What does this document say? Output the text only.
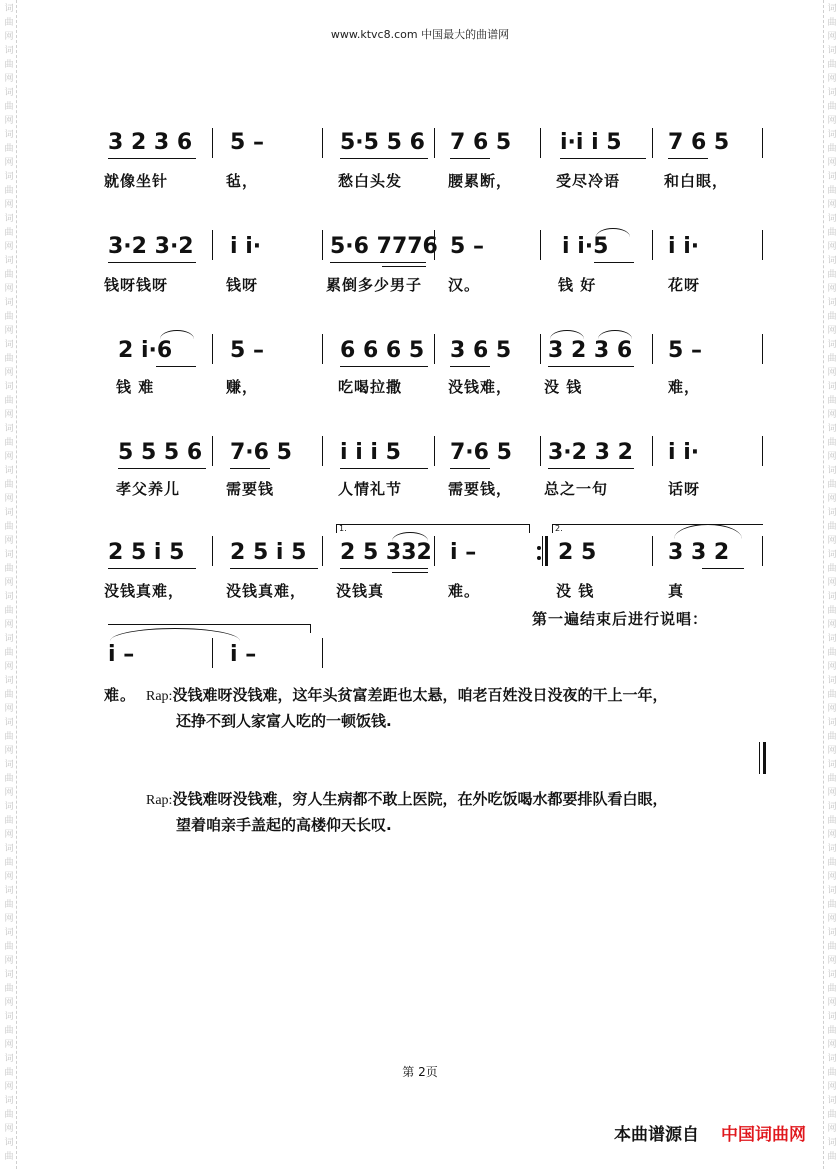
词	词
曲	曲
网	网
词	词
曲	曲
网	网
词	词
曲	曲
网	网
词	词
曲	曲
网	网
词	词
曲	曲
网	网
词	词
曲	曲
网	网
词	词
曲	曲
网	网
词	词
曲	曲
网	网
词	词
曲	曲
网	网
词	词
曲	曲
网	网
词	词
曲	曲
网	网
词	词
曲	曲
网	网
词	词
曲	曲
网	网
词	词
曲	曲
网	网
词	词
曲	曲
网	网
词	词
曲	曲
网	网
词	词
曲	曲
网	网
词	词
曲	曲
网	网
词	词
曲	曲
网	网
词	词
曲	曲
网	网
词	词
曲	曲
网	网
词	词
曲	曲
网	网
词	词
曲	曲
网	网
词	词
曲	曲
网	网
词	词
曲	曲
网	网
词	词
曲	曲
网	网
词	词
曲	曲
网	网
词	词
曲	曲
www.ktvc8.com 中国最大的曲谱网
3 2 3 6 5 –	5·5 5 6 7 6 5 i·i i 5 7 6 5
就像坐针	毡，	愁白头发	腰累断，	受尽冷语	和白眼，
3·2 3·2 i i·	5·6 7776 5 –	i i·5	i i·
钱呀钱呀	钱呀	累倒多少男子 汉。	钱 好	花呀
2 i·6	5 –	6 6 6 5 3 6 5 3 2 3 6 5 –
钱 难	赚，	吃喝拉撒	没钱难， 没 钱	难，
5 5 5 6 7·6 5 i i i 5 7·6 5 3·2 3 2 i i·
孝父养儿	需要钱	人情礼节	需要钱， 总之一句	话呀
1.	2.
2 5 i 5 2 5 i 5 2 5 332 i –	2 5	3 3 2
没钱真难，	没钱真难， 没钱真	难。	没 钱	真
第一遍结束后进行说唱：
i –	i –
难。 Rap:没钱难呀没钱难，这年头贫富差距也太悬，咱老百姓没日没夜的干上一年，
还挣不到人家富人吃的一顿饭钱.
Rap:没钱难呀没钱难，穷人生病都不敢上医院，在外吃饭喝水都要排队看白眼，
望着咱亲手盖起的高楼仰天长叹.
第 2页
本曲谱源自 中国词曲网
